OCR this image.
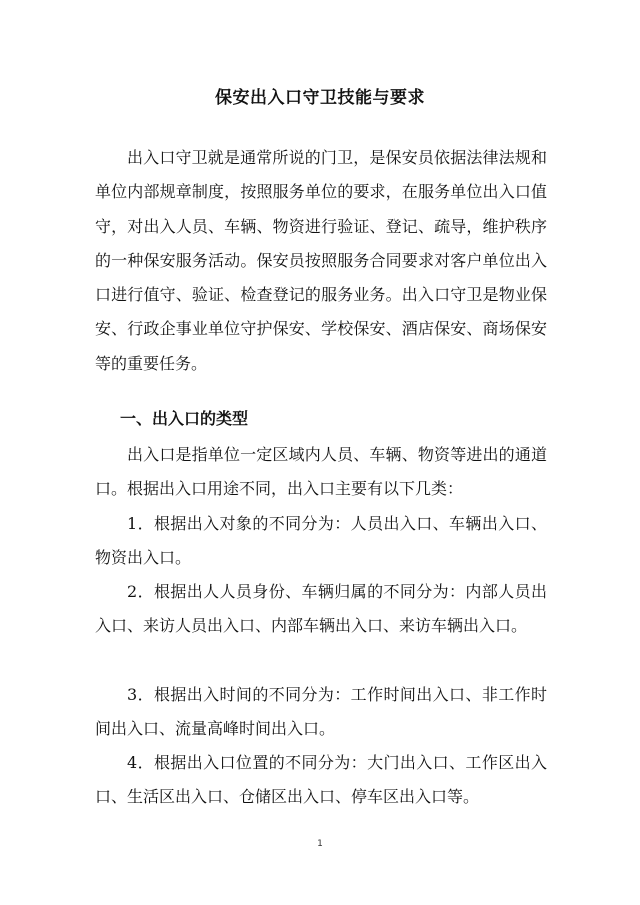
保安出入口守卫技能与要求

出入口守卫就是通常所说的门卫，是保安员依据法律法规和单位内部规章制度，按照服务单位的要求，在服务单位出入口值守，对出入人员、车辆、物资进行验证、登记、疏导，维护秩序的一种保安服务活动。保安员按照服务合同要求对客户单位出入口进行值守、验证、检查登记的服务业务。出入口守卫是物业保安、行政企事业单位守护保安、学校保安、酒店保安、商场保安等的重要任务。

一、出入口的类型

出入口是指单位一定区域内人员、车辆、物资等进出的通道口。根据出入口用途不同，出入口主要有以下几类：

1．根据出入对象的不同分为：人员出入口、车辆出入口、物资出入口。

2．根据出人人员身份、车辆归属的不同分为：内部人员出入口、来访人员出入口、内部车辆出入口、来访车辆出入口。

3．根据出入时间的不同分为：工作时间出入口、非工作时间出入口、流量高峰时间出入口。

4．根据出入口位置的不同分为：大门出入口、工作区出入口、生活区出入口、仓储区出入口、停车区出入口等。

1
